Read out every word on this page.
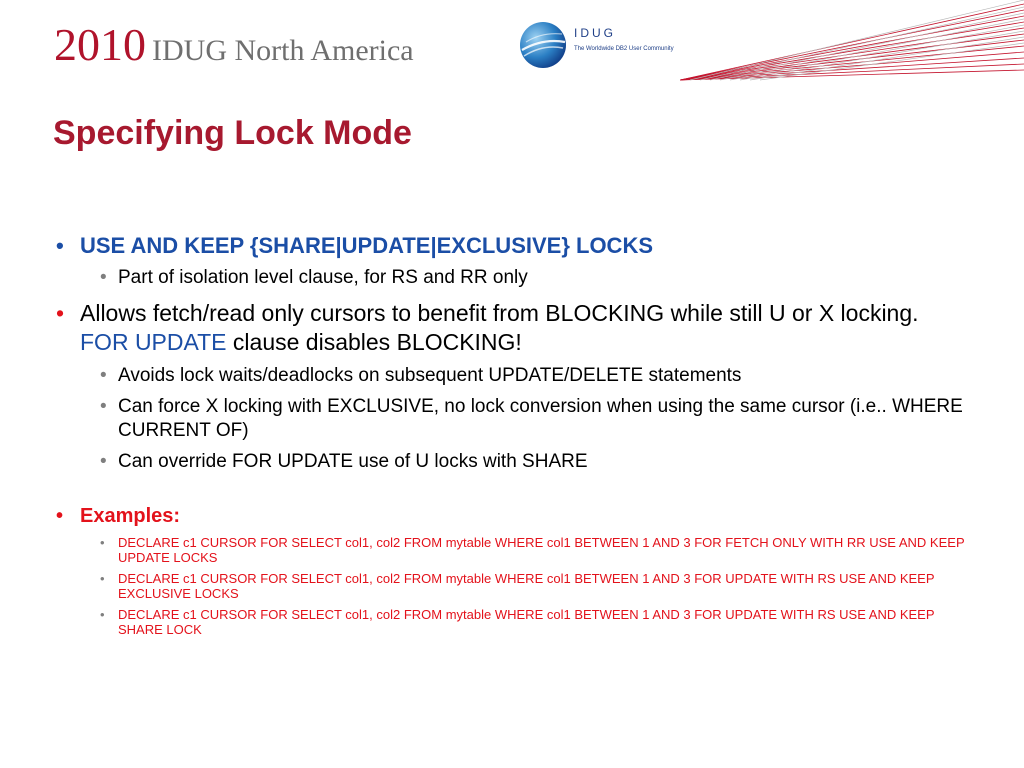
2010 IDUG North America
IDUG
The Worldwide DB2 User Community
Specifying Lock Mode
• USE AND KEEP {SHARE|UPDATE|EXCLUSIVE} LOCKS
• Part of isolation level clause, for RS and RR only
• Allows fetch/read only cursors to benefit from BLOCKING while still U or X locking.  FOR UPDATE clause disables BLOCKING!
• Avoids lock waits/deadlocks on subsequent UPDATE/DELETE statements
• Can force X locking with EXCLUSIVE, no lock conversion when using the same cursor (i.e.. WHERE CURRENT OF)
• Can override FOR UPDATE use of U locks with SHARE
• Examples:
• DECLARE c1 CURSOR FOR SELECT col1, col2 FROM mytable WHERE col1 BETWEEN 1 AND 3 FOR FETCH ONLY WITH RR USE AND KEEP UPDATE LOCKS
• DECLARE c1 CURSOR FOR SELECT col1, col2 FROM mytable WHERE col1 BETWEEN 1 AND 3 FOR UPDATE WITH RS USE AND KEEP EXCLUSIVE LOCKS
• DECLARE c1 CURSOR FOR SELECT col1, col2 FROM mytable WHERE col1 BETWEEN 1 AND 3 FOR UPDATE WITH RS USE AND KEEP SHARE LOCK
